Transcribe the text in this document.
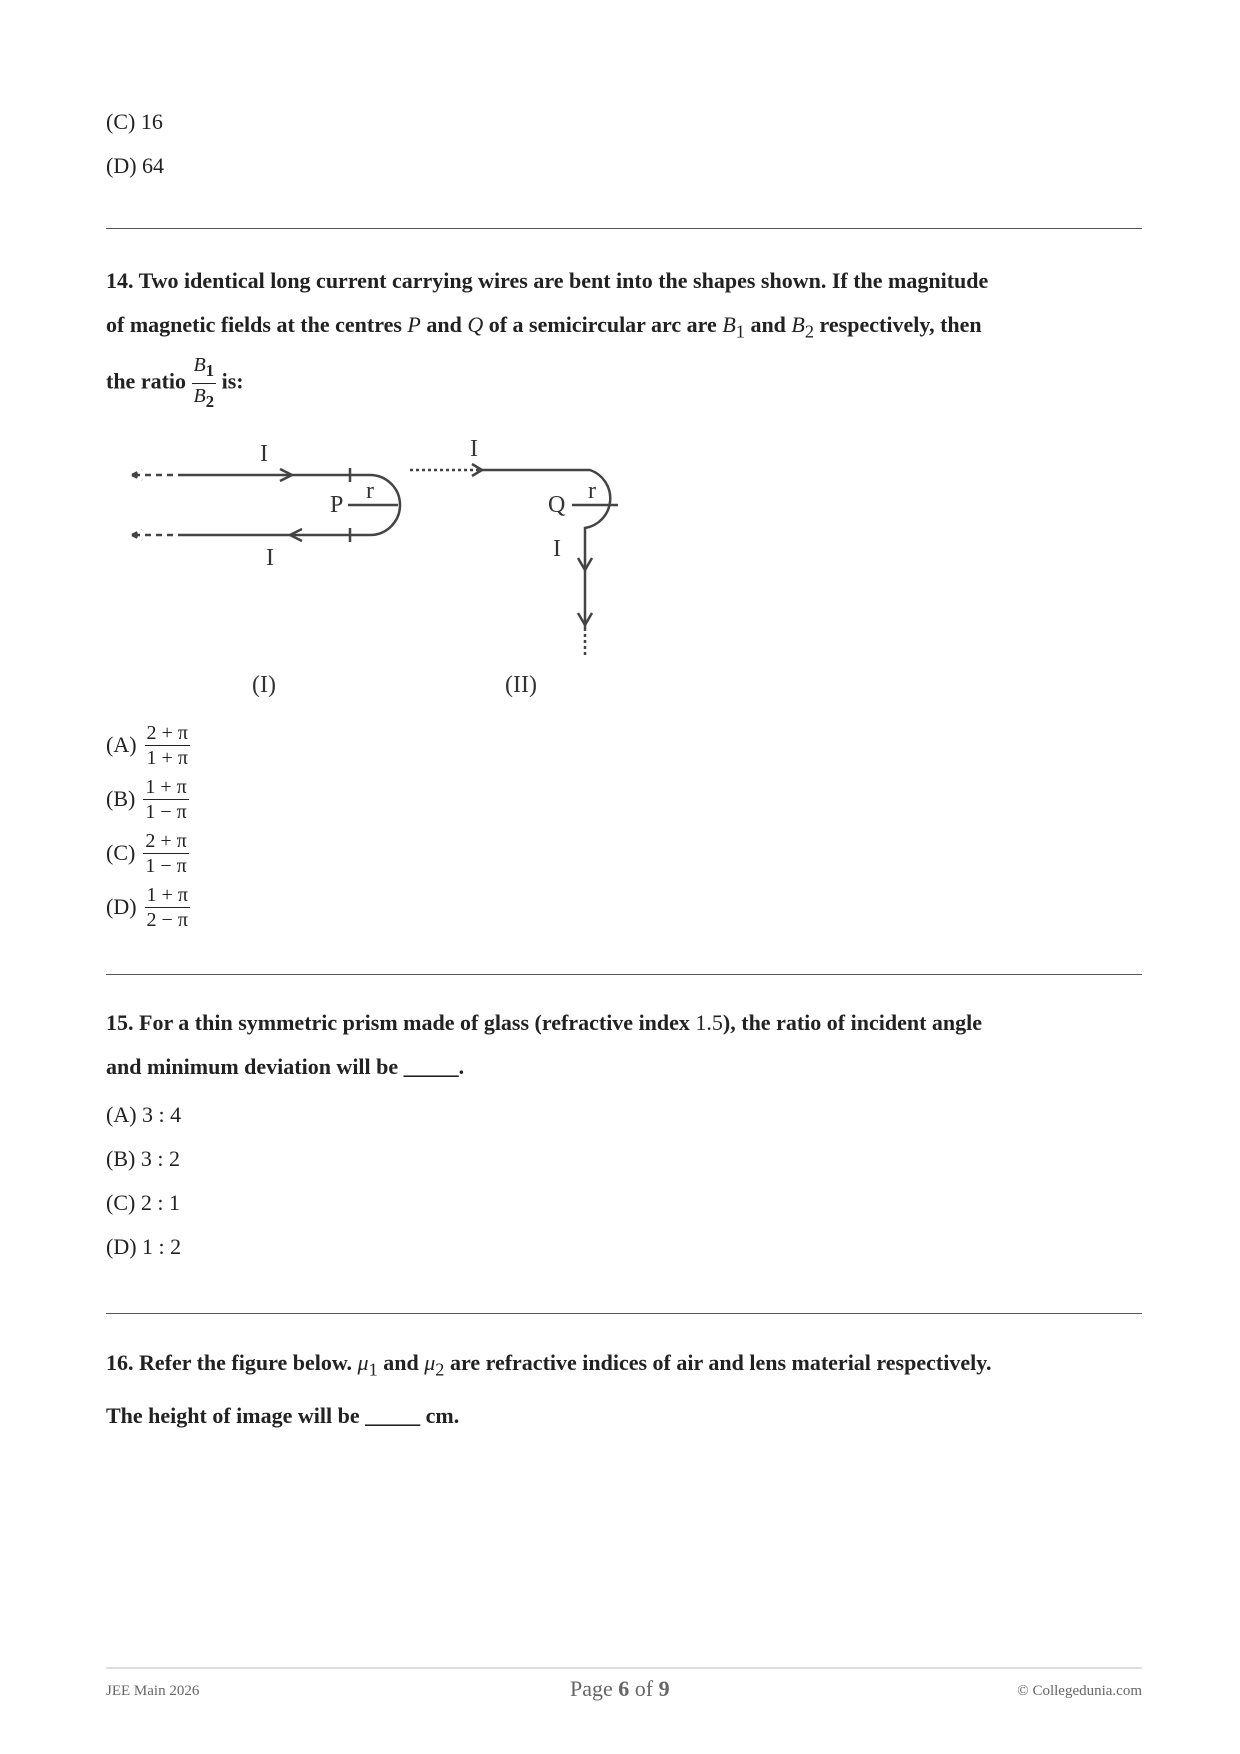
(C) 16
(D) 64
14. Two identical long current carrying wires are bent into the shapes shown. If the magnitude
of magnetic fields at the centres P and Q of a semicircular arc are $B_1$ and $B_2$ respectively, then
the ratio $\frac{B_1}{B_2}$ is:
I
I
P
r
I
Q
r
I
(I)	(II)
$(A) \frac{2 + \pi}{1 + \pi}$
$(B) \frac{1 + \pi}{1 - \pi}$
$(C) \frac{2 + \pi}{1 - \pi}$
$(D) \frac{1 + \pi}{2 - \pi}$
15. For a thin symmetric prism made of glass (refractive index 1.5), the ratio of incident angle
and minimum deviation will be _____.
(A) 3 : 4
(B) 3 : 2
(C) 2 : 1
(D) 1 : 2
16. Refer the figure below. $\mu_1$ and $\mu_2$ are refractive indices of air and lens material respectively.
The height of image will be _____ cm.
JEE Main 2026	Page 6 of 9	© Collegedunia.com
